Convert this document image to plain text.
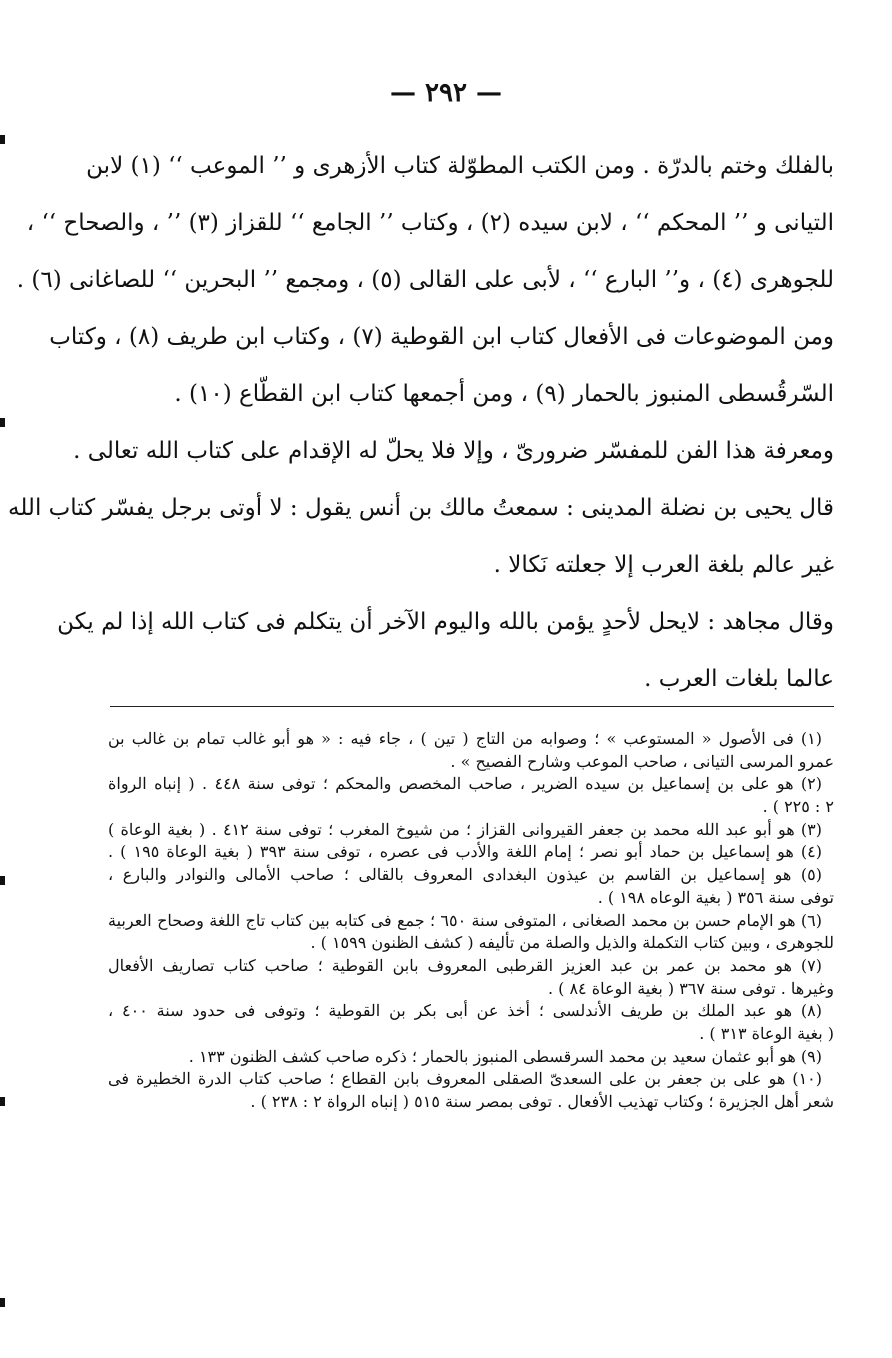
— ٢٩٢ —
بالفلك وختم بالدرّة . ومن الكتب المطوّلة كتاب الأزهرى و ’’ الموعب ‘‘ (١) لابن
التيانى و ’’ المحكم ‘‘ ، لابن سيده (٢) ، وكتاب ’’ الجامع ‘‘ للقزاز (٣) ’’ ، والصحاح ‘‘ ،
للجوهرى (٤) ، و’’ البارع ‘‘ ، لأبى على القالى (٥) ، ومجمع ’’ البحرين ‘‘ للصاغانى (٦) .
ومن الموضوعات فى الأفعال كتاب ابن القوطية (٧) ، وكتاب ابن طريف (٨) ، وكتاب
السّرقُسطى المنبوز بالحمار (٩) ، ومن أجمعها كتاب ابن القطّاع (١٠) .
ومعرفة هذا الفن للمفسّر ضرورىّ ، وإلا فلا يحلّ له الإقدام على كتاب الله تعالى .
قال يحيى بن نضلة المدينى : سمعتُ مالك بن أنس يقول : لا أوتى برجل يفسّر كتاب الله
غير عالم بلغة العرب إلا جعلته نَكالا .
وقال مجاهد : لايحل لأحدٍ يؤمن بالله واليوم الآخر أن يتكلم فى كتاب الله إذا لم يكن
عالما بلغات العرب .
(١) فى الأصول « المستوعب » ؛ وصوابه من التاج ( تين ) ، جاء فيه : « هو أبو غالب تمام بن غالب بن
عمرو المرسى التيانى ، صاحب الموعب وشارح الفصيح » .
(٢) هو على بن إسماعيل بن سيده الضرير ، صاحب المخصص والمحكم ؛ توفى سنة ٤٤٨ . ( إنباه الرواة
٢ : ٢٢٥ ) .
(٣) هو أبو عبد الله محمد بن جعفر القيروانى القزاز ؛ من شيوخ المغرب ؛ توفى سنة ٤١٢ . ( بغية الوعاة )
(٤) هو إسماعيل بن حماد أبو نصر ؛ إمام اللغة والأدب فى عصره ، توفى سنة ٣٩٣ ( بغية الوعاة ١٩٥ ) .
(٥) هو إسماعيل بن القاسم بن عيذون البغدادى المعروف بالقالى ؛ صاحب الأمالى والنوادر والبارع ،
توفى سنة ٣٥٦ ( بغية الوعاه ١٩٨ ) .
(٦) هو الإمام حسن بن محمد الصغانى ، المتوفى سنة ٦٥٠ ؛ جمع فى كتابه بين كتاب تاج اللغة وصحاح العربية
للجوهرى ، وبين كتاب التكملة والذيل والصلة من تأليفه ( كشف الظنون ١٥٩٩ ) .
(٧) هو محمد بن عمر بن عبد العزيز القرطبى المعروف بابن القوطية ؛ صاحب كتاب تصاريف الأفعال
وغيرها . توفى سنة ٣٦٧ ( بغية الوعاة ٨٤ ) .
(٨) هو عبد الملك بن طريف الأندلسى ؛ أخذ عن أبى بكر بن القوطية ؛ وتوفى فى حدود سنة ٤٠٠ ،
( بغية الوعاة ٣١٣ ) .
(٩) هو أبو عثمان سعيد بن محمد السرقسطى المنبوز بالحمار ؛ ذكره صاحب كشف الظنون ١٣٣ .
(١٠) هو على بن جعفر بن على السعدىّ الصقلى المعروف بابن القطاع ؛ صاحب كتاب الدرة الخطيرة فى
شعر أهل الجزيرة ؛ وكتاب تهذيب الأفعال . توفى بمصر سنة ٥١٥ ( إنباه الرواة ٢ : ٢٣٨ ) .
